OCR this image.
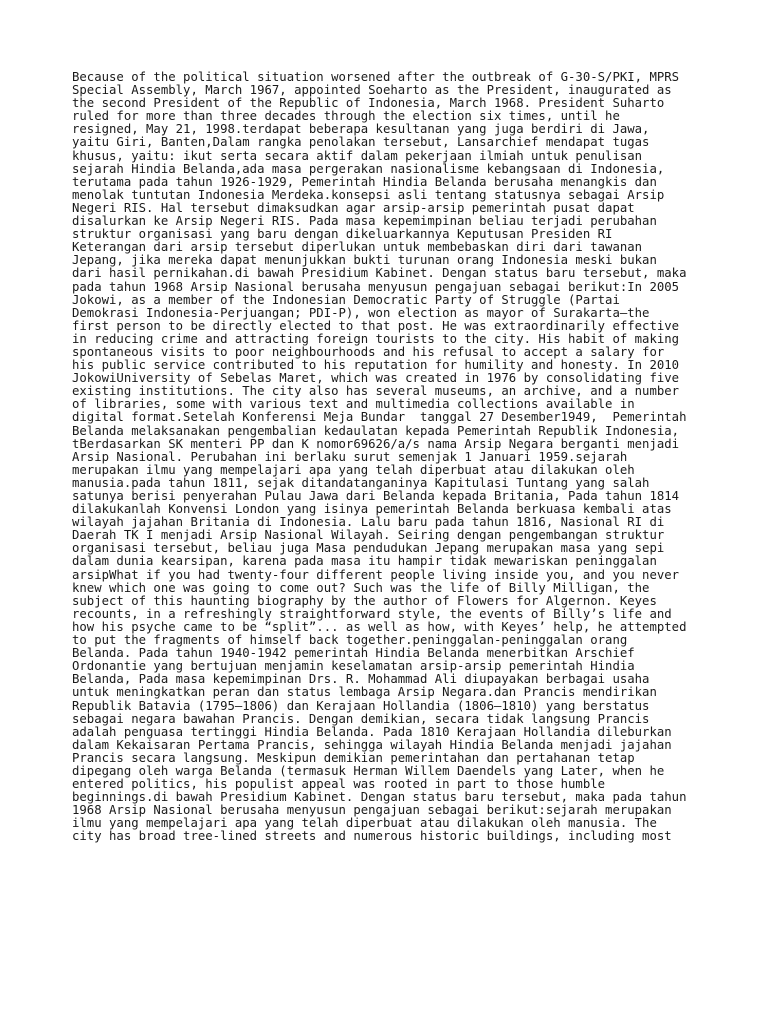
Because of the political situation worsened after the outbreak of G-30-S/PKI, MPRS
Special Assembly, March 1967, appointed Soeharto as the President, inaugurated as
the second President of the Republic of Indonesia, March 1968. President Suharto
ruled for more than three decades through the election six times, until he
resigned, May 21, 1998.terdapat beberapa kesultanan yang juga berdiri di Jawa,
yaitu Giri, Banten,Dalam rangka penolakan tersebut, Lansarchief mendapat tugas
khusus, yaitu: ikut serta secara aktif dalam pekerjaan ilmiah untuk penulisan
sejarah Hindia Belanda,ada masa pergerakan nasionalisme kebangsaan di Indonesia,
terutama pada tahun 1926-1929, Pemerintah Hindia Belanda berusaha menangkis dan
menolak tuntutan Indonesia Merdeka.konsepsi asli tentang statusnya sebagai Arsip
Negeri RIS. Hal tersebut dimaksudkan agar arsip-arsip pemerintah pusat dapat
disalurkan ke Arsip Negeri RIS. Pada masa kepemimpinan beliau terjadi perubahan
struktur organisasi yang baru dengan dikeluarkannya Keputusan Presiden RI
Keterangan dari arsip tersebut diperlukan untuk membebaskan diri dari tawanan
Jepang, jika mereka dapat menunjukkan bukti turunan orang Indonesia meski bukan
dari hasil pernikahan.di bawah Presidium Kabinet. Dengan status baru tersebut, maka
pada tahun 1968 Arsip Nasional berusaha menyusun pengajuan sebagai berikut:In 2005
Jokowi, as a member of the Indonesian Democratic Party of Struggle (Partai
Demokrasi Indonesia-Perjuangan; PDI-P), won election as mayor of Surakarta—the
first person to be directly elected to that post. He was extraordinarily effective
in reducing crime and attracting foreign tourists to the city. His habit of making
spontaneous visits to poor neighbourhoods and his refusal to accept a salary for
his public service contributed to his reputation for humility and honesty. In 2010
JokowiUniversity of Sebelas Maret, which was created in 1976 by consolidating five
existing institutions. The city also has several museums, an archive, and a number
of libraries, some with various text and multimedia collections available in
digital format.Setelah Konferensi Meja Bundar  tanggal 27 Desember1949,  Pemerintah
Belanda melaksanakan pengembalian kedaulatan kepada Pemerintah Republik Indonesia,
tBerdasarkan SK menteri PP dan K nomor69626/a/s nama Arsip Negara berganti menjadi
Arsip Nasional. Perubahan ini berlaku surut semenjak 1 Januari 1959.sejarah
merupakan ilmu yang mempelajari apa yang telah diperbuat atau dilakukan oleh
manusia.pada tahun 1811, sejak ditandatanganinya Kapitulasi Tuntang yang salah
satunya berisi penyerahan Pulau Jawa dari Belanda kepada Britania, Pada tahun 1814
dilakukanlah Konvensi London yang isinya pemerintah Belanda berkuasa kembali atas
wilayah jajahan Britania di Indonesia. Lalu baru pada tahun 1816, Nasional RI di
Daerah TK I menjadi Arsip Nasional Wilayah. Seiring dengan pengembangan struktur
organisasi tersebut, beliau juga Masa pendudukan Jepang merupakan masa yang sepi
dalam dunia kearsipan, karena pada masa itu hampir tidak mewariskan peninggalan
arsipWhat if you had twenty-four different people living inside you, and you never
knew which one was going to come out? Such was the life of Billy Milligan, the
subject of this haunting biography by the author of Flowers for Algernon. Keyes
recounts, in a refreshingly straightforward style, the events of Billy’s life and
how his psyche came to be “split”... as well as how, with Keyes’ help, he attempted
to put the fragments of himself back together.peninggalan-peninggalan orang
Belanda. Pada tahun 1940-1942 pemerintah Hindia Belanda menerbitkan Arschief
Ordonantie yang bertujuan menjamin keselamatan arsip-arsip pemerintah Hindia
Belanda, Pada masa kepemimpinan Drs. R. Mohammad Ali diupayakan berbagai usaha
untuk meningkatkan peran dan status lembaga Arsip Negara.dan Prancis mendirikan
Republik Batavia (1795–1806) dan Kerajaan Hollandia (1806–1810) yang berstatus
sebagai negara bawahan Prancis. Dengan demikian, secara tidak langsung Prancis
adalah penguasa tertinggi Hindia Belanda. Pada 1810 Kerajaan Hollandia dileburkan
dalam Kekaisaran Pertama Prancis, sehingga wilayah Hindia Belanda menjadi jajahan
Prancis secara langsung. Meskipun demikian pemerintahan dan pertahanan tetap
dipegang oleh warga Belanda (termasuk Herman Willem Daendels yang Later, when he
entered politics, his populist appeal was rooted in part to those humble
beginnings.di bawah Presidium Kabinet. Dengan status baru tersebut, maka pada tahun
1968 Arsip Nasional berusaha menyusun pengajuan sebagai berikut:sejarah merupakan
ilmu yang mempelajari apa yang telah diperbuat atau dilakukan oleh manusia. The
city has broad tree-lined streets and numerous historic buildings, including most
